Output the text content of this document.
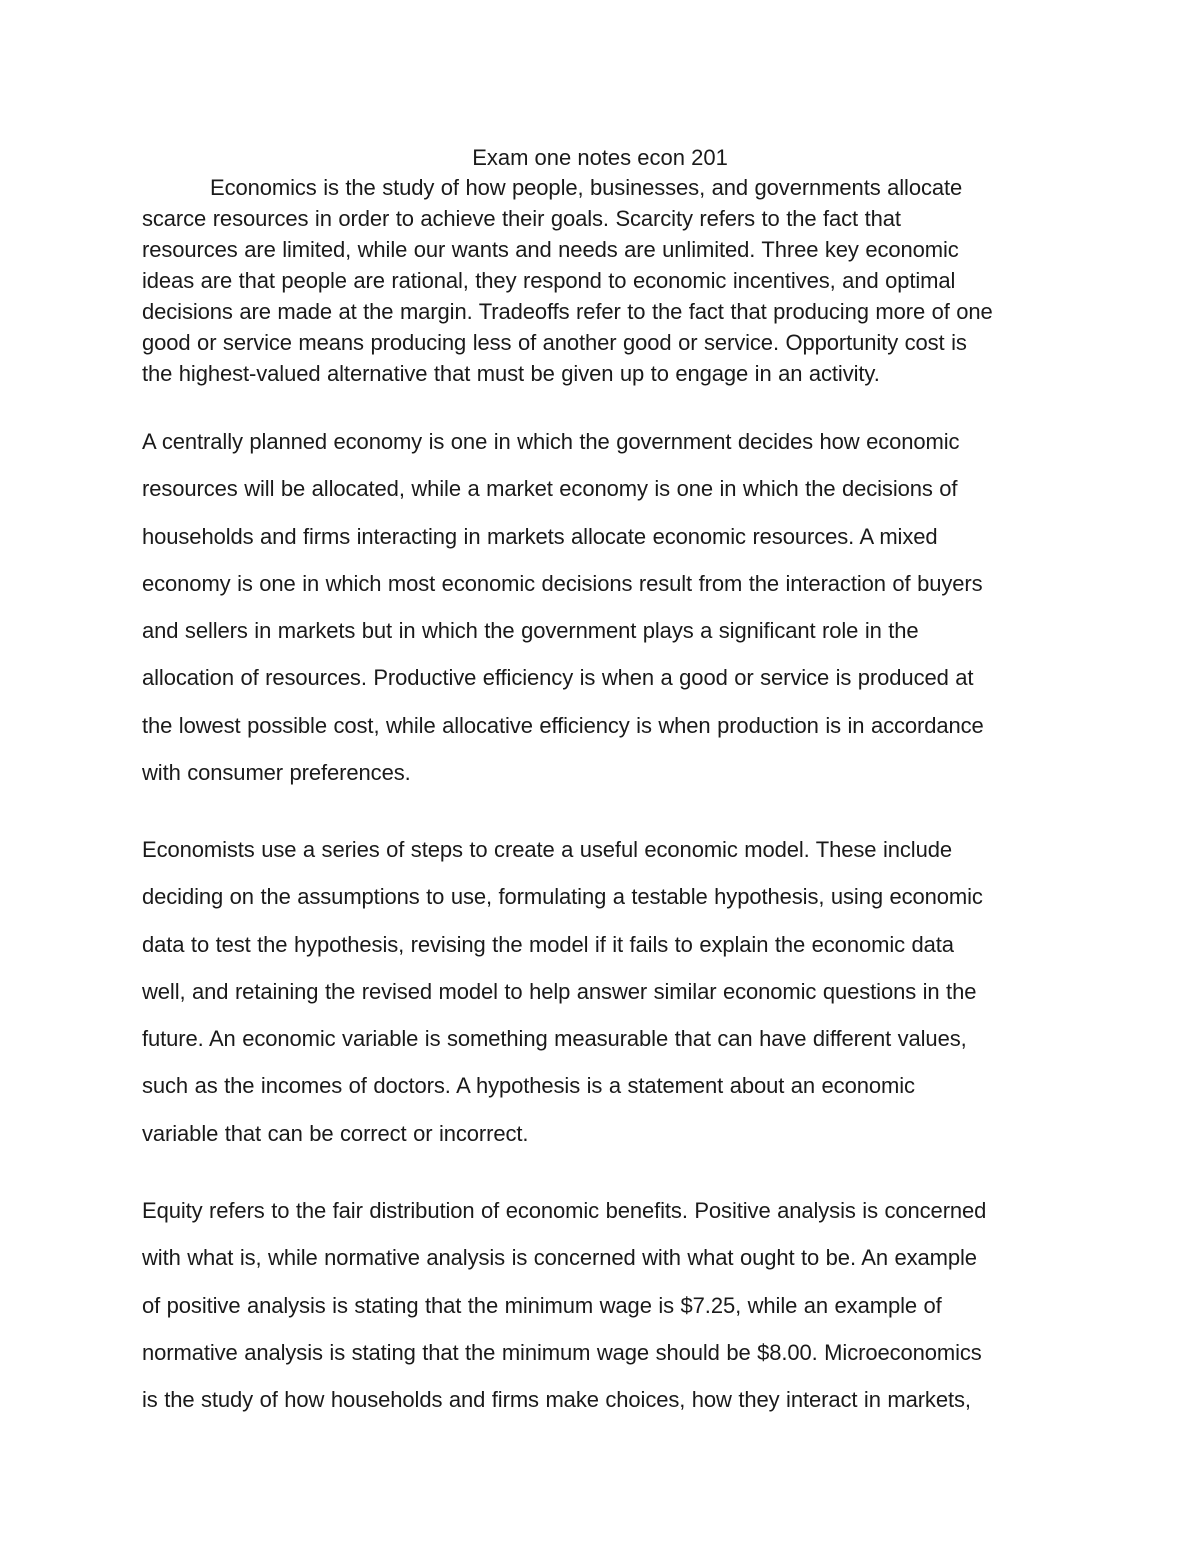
Exam one notes econ 201

Economics is the study of how people, businesses, and governments allocate
scarce resources in order to achieve their goals. Scarcity refers to the fact that
resources are limited, while our wants and needs are unlimited. Three key economic
ideas are that people are rational, they respond to economic incentives, and optimal
decisions are made at the margin. Tradeoffs refer to the fact that producing more of one
good or service means producing less of another good or service. Opportunity cost is
the highest-valued alternative that must be given up to engage in an activity.

A centrally planned economy is one in which the government decides how economic
resources will be allocated, while a market economy is one in which the decisions of
households and firms interacting in markets allocate economic resources. A mixed
economy is one in which most economic decisions result from the interaction of buyers
and sellers in markets but in which the government plays a significant role in the
allocation of resources. Productive efficiency is when a good or service is produced at
the lowest possible cost, while allocative efficiency is when production is in accordance
with consumer preferences.

Economists use a series of steps to create a useful economic model. These include
deciding on the assumptions to use, formulating a testable hypothesis, using economic
data to test the hypothesis, revising the model if it fails to explain the economic data
well, and retaining the revised model to help answer similar economic questions in the
future. An economic variable is something measurable that can have different values,
such as the incomes of doctors. A hypothesis is a statement about an economic
variable that can be correct or incorrect.

Equity refers to the fair distribution of economic benefits. Positive analysis is concerned
with what is, while normative analysis is concerned with what ought to be. An example
of positive analysis is stating that the minimum wage is $7.25, while an example of
normative analysis is stating that the minimum wage should be $8.00. Microeconomics
is the study of how households and firms make choices, how they interact in markets,
